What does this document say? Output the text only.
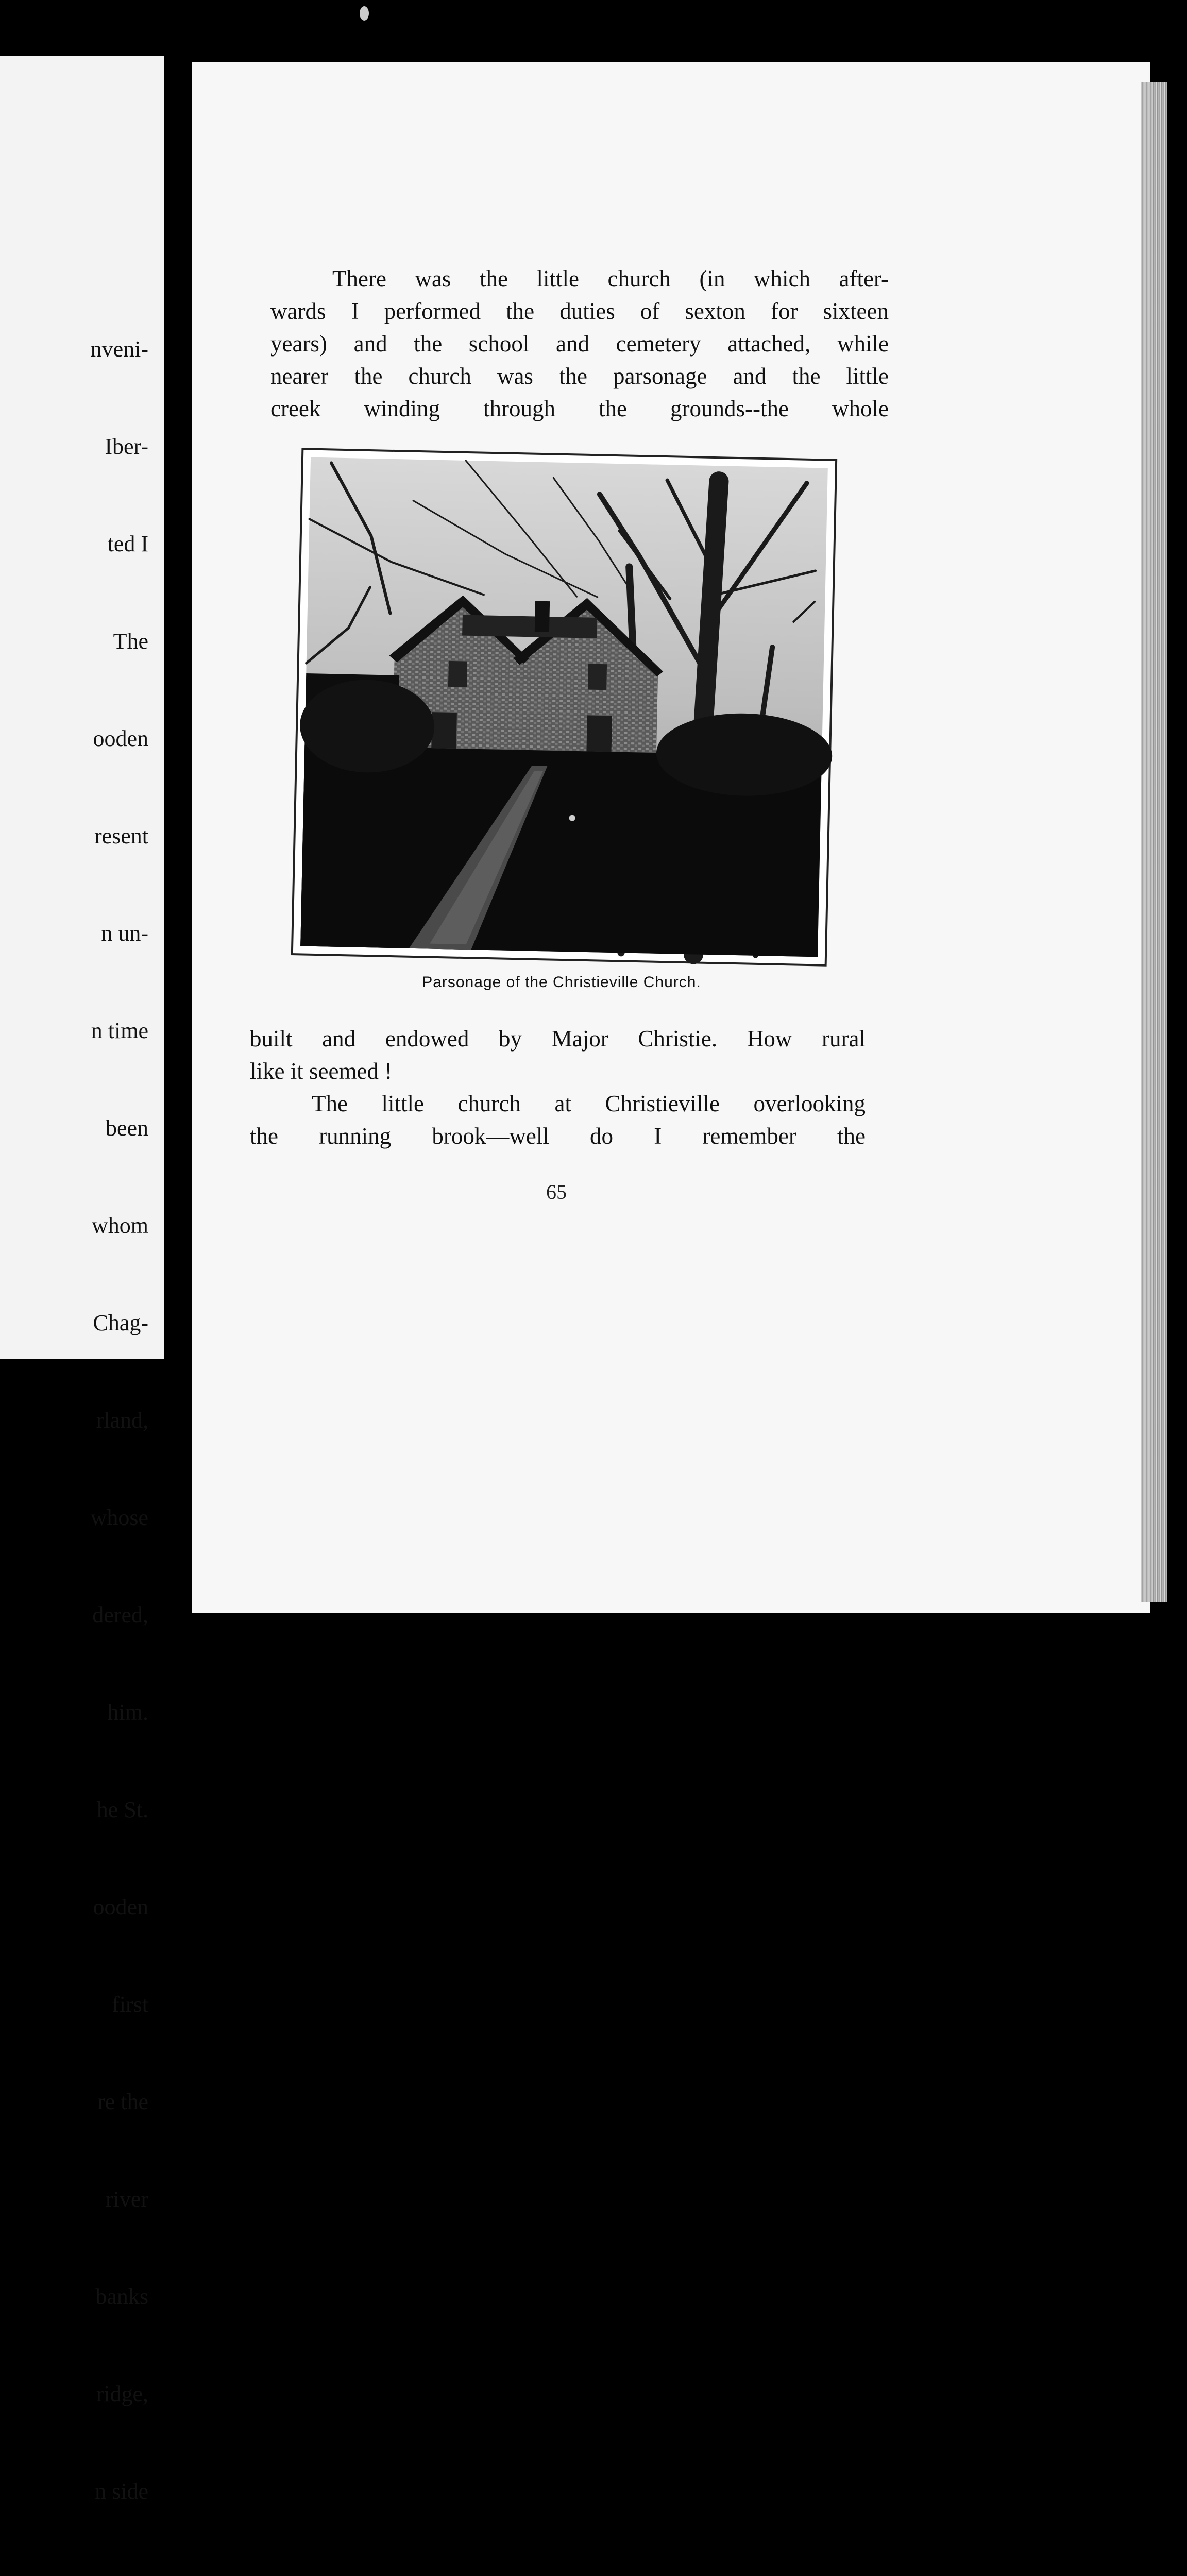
nveni-

Iber-

ted I

The

ooden

resent

n un-

n time

been

whom

Chag-

rland,

whose

dered,

him.

he St.

ooden

first

re the

river

banks

ridge,

n side

There was the little church (in which after-
wards I performed the duties of sexton for sixteen
years) and the school and cemetery attached, while
nearer the church was the parsonage and the little
creek winding through the grounds--the whole
Parsonage of the Christieville Church.
built and endowed by Major Christie. How rural
like it seemed !
The little church at Christieville overlooking
the running brook—well do I remember the
65
